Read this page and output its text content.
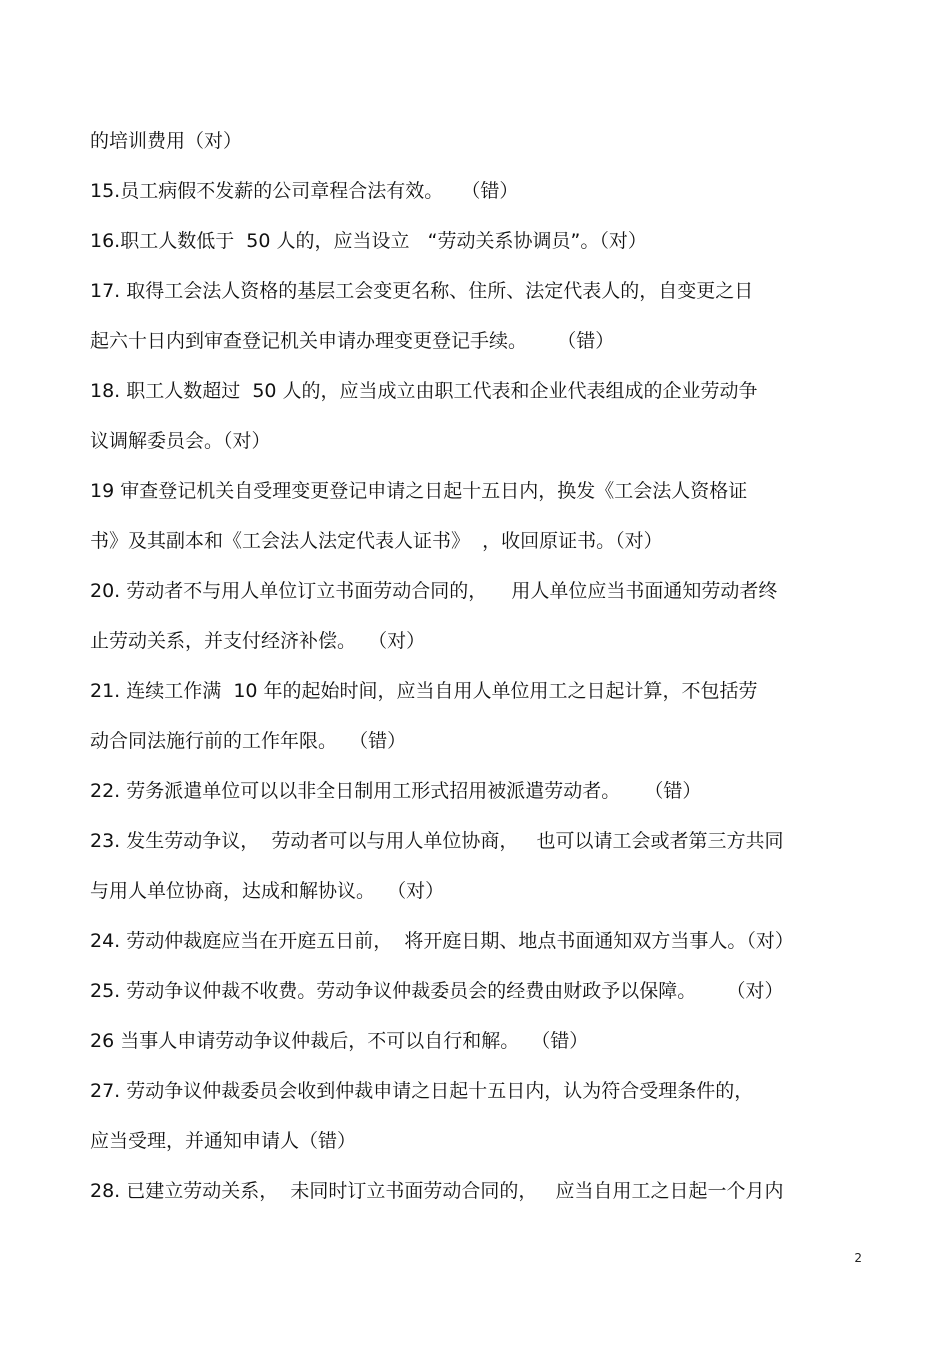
的培训费用（对）
15.员工病假不发薪的公司章程合法有效。   （错）
16.职工人数低于  50 人的，应当设立   “劳动关系协调员”。（对）
17. 取得工会法人资格的基层工会变更名称、住所、法定代表人的，自变更之日
起六十日内到审查登记机关申请办理变更登记手续。     （错）
18. 职工人数超过  50 人的，应当成立由职工代表和企业代表组成的企业劳动争
议调解委员会。（对）
19 审查登记机关自受理变更登记申请之日起十五日内，换发《工会法人资格证
书》及其副本和《工会法人法定代表人证书》  ，收回原证书。（对）
20. 劳动者不与用人单位订立书面劳动合同的，    用人单位应当书面通知劳动者终
止劳动关系，并支付经济补偿。  （对）
21. 连续工作满  10 年的起始时间，应当自用人单位用工之日起计算，不包括劳
动合同法施行前的工作年限。  （错）
22. 劳务派遣单位可以以非全日制用工形式招用被派遣劳动者。    （错）
23. 发生劳动争议，  劳动者可以与用人单位协商，   也可以请工会或者第三方共同
与用人单位协商，达成和解协议。  （对）
24. 劳动仲裁庭应当在开庭五日前，  将开庭日期、地点书面通知双方当事人。（对）
25. 劳动争议仲裁不收费。劳动争议仲裁委员会的经费由财政予以保障。     （对）
26 当事人申请劳动争议仲裁后，不可以自行和解。  （错）
27. 劳动争议仲裁委员会收到仲裁申请之日起十五日内，认为符合受理条件的，
应当受理，并通知申请人（错）
28. 已建立劳动关系，  未同时订立书面劳动合同的，   应当自用工之日起一个月内
2
